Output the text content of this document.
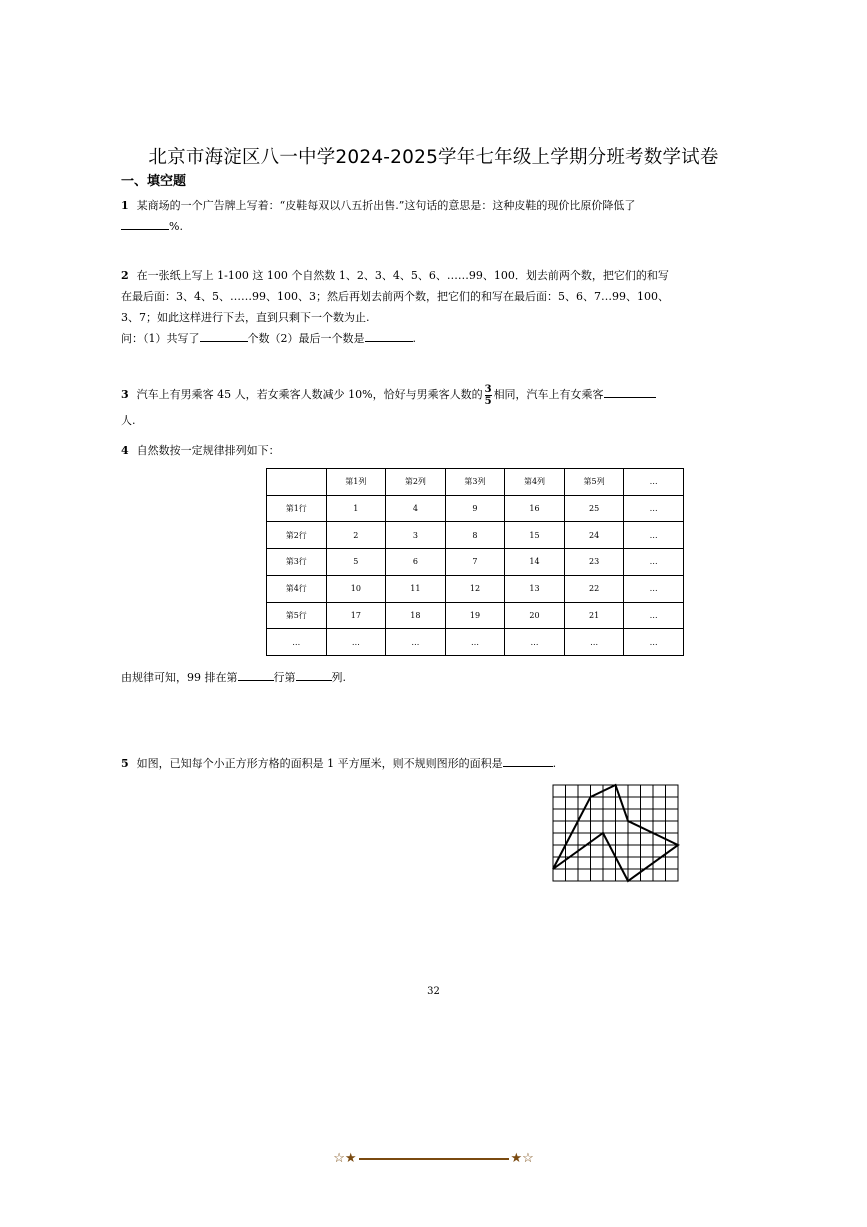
北京市海淀区八一中学2024-2025学年七年级上学期分班考数学试卷
一、填空题
1 某商场的一个广告牌上写着：“皮鞋每双以八五折出售.”这句话的意思是：这种皮鞋的现价比原价降低了
%.
2 在一张纸上写上 1-100 这 100 个自然数 1、2、3、4、5、6、……99、100．划去前两个数，把它们的和写
在最后面：3、4、5、……99、100、3；然后再划去前两个数，把它们的和写在最后面：5、6、7…99、100、
3、7；如此这样进行下去，直到只剩下一个数为止.
问：（1）共写了	个数（2）最后一个数是	.
3 汽车上有男乘客 45 人，若女乘客人数减少 10%，恰好与男乘客人数的 $\frac{3}{5}$ 相同，汽车上有女乘客
人.
4 自然数按一定规律排列如下：
	第1列	第2列	第3列	第4列	第5列	…
第1行	1	4	9	16	25	…
第2行	2	3	8	15	24	…
第3行	5	6	7	14	23	…
第4行	10	11	12	13	22	…
第5行	17	18	19	20	21	…
…	…	…	…	…	…	…
由规律可知，99 排在第	行第	列.
5 如图，已知每个小正方形方格的面积是 1 平方厘米，则不规则图形的面积是	.
32
☆★	★☆
